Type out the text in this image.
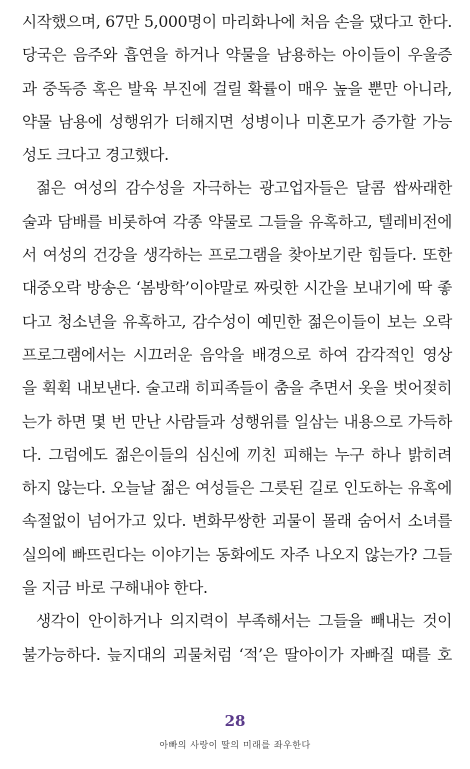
시작했으며, 67만 5,000명이 마리화나에 처음 손을 댔다고 한다.
당국은 음주와 흡연을 하거나 약물을 남용하는 아이들이 우울증
과 중독증 혹은 발육 부진에 걸릴 확률이 매우 높을 뿐만 아니라,
약물 남용에 성행위가 더해지면 성병이나 미혼모가 증가할 가능
성도 크다고 경고했다.
젊은 여성의 감수성을 자극하는 광고업자들은 달콤 쌉싸래한
술과 담배를 비롯하여 각종 약물로 그들을 유혹하고, 텔레비전에
서 여성의 건강을 생각하는 프로그램을 찾아보기란 힘들다. 또한
대중오락 방송은 ‘봄방학’이야말로 짜릿한 시간을 보내기에 딱 좋
다고 청소년을 유혹하고, 감수성이 예민한 젊은이들이 보는 오락
프로그램에서는 시끄러운 음악을 배경으로 하여 감각적인 영상
을 휙휙 내보낸다. 술고래 히피족들이 춤을 추면서 옷을 벗어젖히
는가 하면 몇 번 만난 사람들과 성행위를 일삼는 내용으로 가득하
다. 그럼에도 젊은이들의 심신에 끼친 피해는 누구 하나 밝히려
하지 않는다. 오늘날 젊은 여성들은 그릇된 길로 인도하는 유혹에
속절없이 넘어가고 있다. 변화무쌍한 괴물이 몰래 숨어서 소녀를
실의에 빠뜨린다는 이야기는 동화에도 자주 나오지 않는가? 그들
을 지금 바로 구해내야 한다.
생각이 안이하거나 의지력이 부족해서는 그들을 빼내는 것이
불가능하다. 늪지대의 괴물처럼 ‘적’은 딸아이가 자빠질 때를 호
28
아빠의 사랑이 딸의 미래를 좌우한다
